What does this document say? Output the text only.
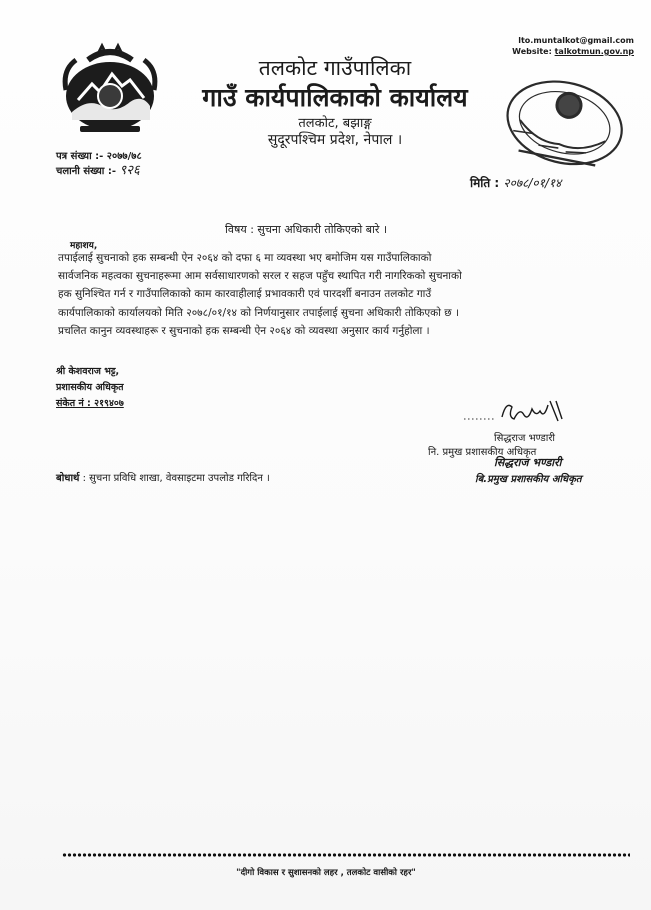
lto.muntalkot@gmail.com
Website: talkotmun.gov.np
तलकोट गाउँपालिका
गाउँ कार्यपालिकाको कार्यालय
तलकोट, बझाङ्ग
सुदूरपश्चिम प्रदेश, नेपाल ।
पत्र संख्या :- २०७७/७८
चलानी संख्या :- ९२६
मिति : २०७८/०१/१४
विषय : सुचना अधिकारी तोकिएको बारे ।
महाशय,
तपाईलाई सुचनाको हक सम्बन्धी ऐन २०६४ को दफा ६ मा व्यवस्था भए बमोजिम यस गाउँपालिकाको
सार्वजनिक महत्वका सुचनाहरूमा आम सर्वसाधारणको सरल र सहज पहुँच स्थापित गरी नागरिकको सुचनाको
हक सुनिश्चित गर्न र गाउँपालिकाको काम कारवाहीलाई प्रभावकारी एवं पारदर्शी बनाउन तलकोट गाउँ
कार्यपालिकाको कार्यालयको मिति २०७८/०१/१४ को निर्णयानुसार तपाईलाई सुचना अधिकारी तोकिएको छ ।
प्रचलित कानुन व्यवस्थाहरू र सुचनाको हक सम्बन्धी ऐन २०६४ को व्यवस्था अनुसार कार्य गर्नुहोला ।
श्री केशवराज भट्ट,
प्रशासकीय अधिकृत
संकेत नं : २१९४०७
सिद्धराज भण्डारी
नि. प्रमुख प्रशासकीय अधिकृत
सिद्धराज भण्डारी
बि.प्रमुख प्रशासकीय अधिकृत
बोधार्थ : सुचना प्रविधि शाखा, वेवसाइटमा उपलोड गरिदिन ।
"दीगो विकास र सुशासनको लहर , तलकोट वासीको रहर"
